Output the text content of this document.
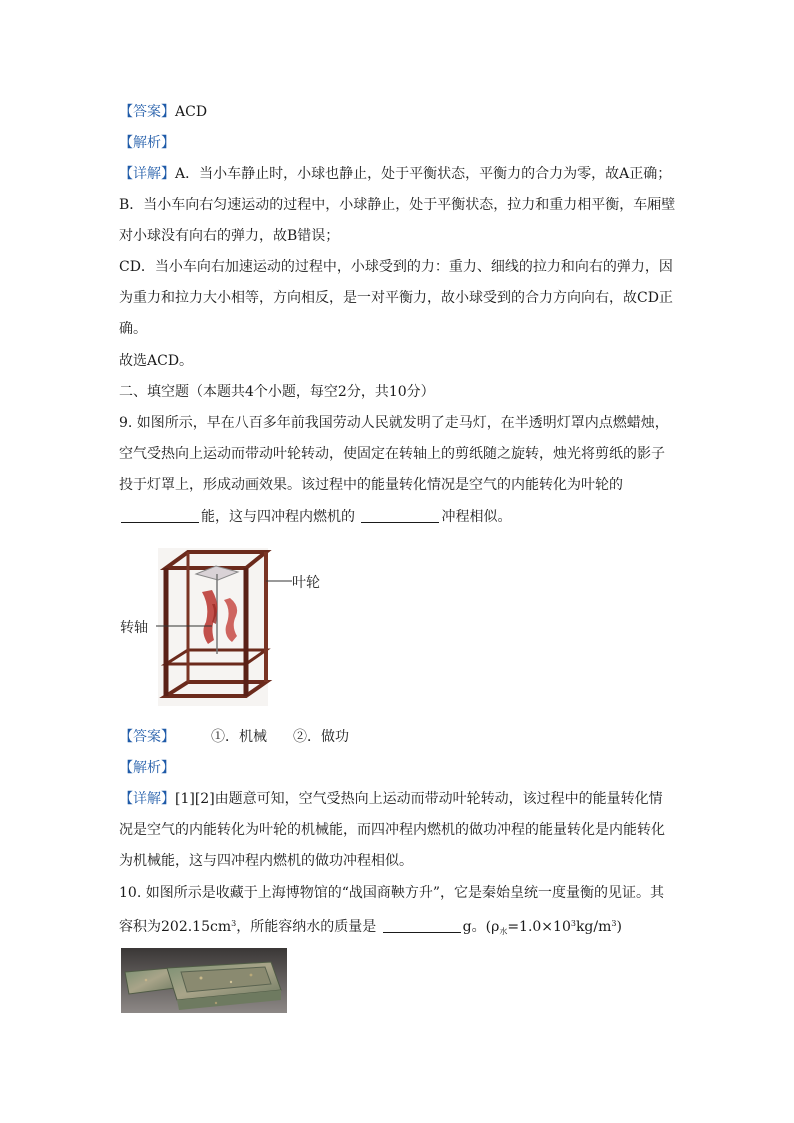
【答案】ACD
【解析】
【详解】A．当小车静止时，小球也静止，处于平衡状态，平衡力的合力为零，故A正确；
B．当小车向右匀速运动的过程中，小球静止，处于平衡状态，拉力和重力相平衡，车厢壁
对小球没有向右的弹力，故B错误；
CD．当小车向右加速运动的过程中，小球受到的力：重力、细线的拉力和向右的弹力，因
为重力和拉力大小相等，方向相反，是一对平衡力，故小球受到的合力方向向右，故CD正
确。
故选ACD。
二、填空题（本题共4个小题，每空2分，共10分）
9. 如图所示，早在八百多年前我国劳动人民就发明了走马灯，在半透明灯罩内点燃蜡烛，
空气受热向上运动而带动叶轮转动，使固定在转轴上的剪纸随之旋转，烛光将剪纸的影子
投于灯罩上，形成动画效果。该过程中的能量转化情况是空气的内能转化为叶轮的
能，这与四冲程内燃机的	冲程相似。
叶轮
转轴
【答案】	①．机械 ②．做功
【解析】
【详解】[1][2]由题意可知，空气受热向上运动而带动叶轮转动，该过程中的能量转化情
况是空气的内能转化为叶轮的机械能，而四冲程内燃机的做功冲程的能量转化是内能转化
为机械能，这与四冲程内燃机的做功冲程相似。
10. 如图所示是收藏于上海博物馆的“战国商鞅方升”，它是秦始皇统一度量衡的见证。其
容积为$202.15cm^3$，所能容纳水的质量是	g。$(\rho_水=1.0\times 10^3kg/m^3)$
